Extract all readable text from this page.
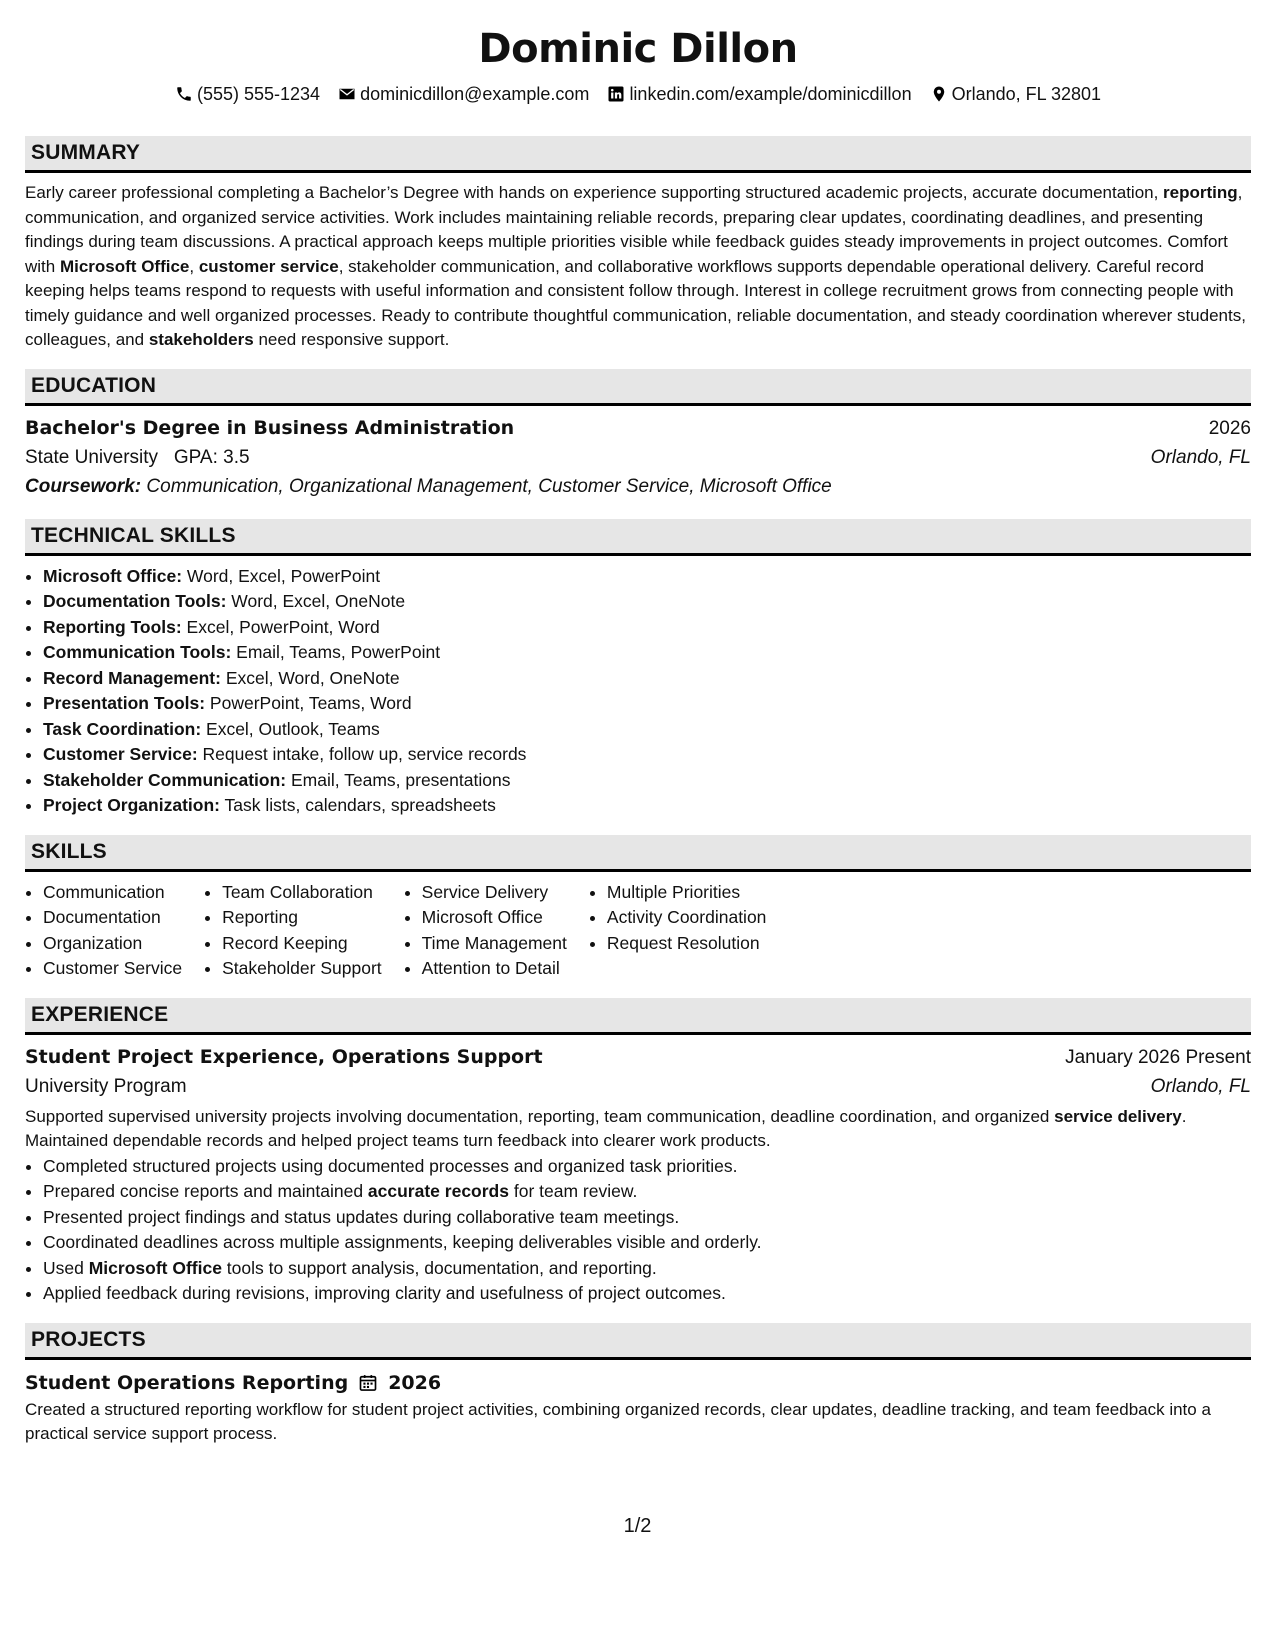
Dominic Dillon
(555) 555-1234 dominicdillon@example.com linkedin.com/example/dominicdillon Orlando, FL 32801
SUMMARY

Early career professional completing a Bachelor’s Degree with hands on experience supporting structured academic projects, accurate documentation, reporting, communication, and organized service activities. Work includes maintaining reliable records, preparing clear updates, coordinating deadlines, and presenting findings during team discussions. A practical approach keeps multiple priorities visible while feedback guides steady improvements in project outcomes. Comfort with Microsoft Office, customer service, stakeholder communication, and collaborative workflows supports dependable operational delivery. Careful record keeping helps teams respond to requests with useful information and consistent follow through. Interest in college recruitment grows from connecting people with timely guidance and well organized processes. Ready to contribute thoughtful communication, reliable documentation, and steady coordination wherever students, colleagues, and stakeholders need responsive support.

EDUCATION
Bachelor's Degree in Business Administration	2026
State University GPA: 3.5	Orlando, FL
Coursework: Communication, Organizational Management, Customer Service, Microsoft Office
TECHNICAL SKILLS
• Microsoft Office: Word, Excel, PowerPoint
• Documentation Tools: Word, Excel, OneNote
• Reporting Tools: Excel, PowerPoint, Word
• Communication Tools: Email, Teams, PowerPoint
• Record Management: Excel, Word, OneNote
• Presentation Tools: PowerPoint, Teams, Word
• Task Coordination: Excel, Outlook, Teams
• Customer Service: Request intake, follow up, service records
• Stakeholder Communication: Email, Teams, presentations
• Project Organization: Task lists, calendars, spreadsheets
SKILLS
• Communication
• Documentation
• Organization
• Customer Service
• Team Collaboration
• Reporting
• Record Keeping
• Stakeholder Support
• Service Delivery
• Microsoft Office
• Time Management
• Attention to Detail
• Multiple Priorities
• Activity Coordination
• Request Resolution
EXPERIENCE
Student Project Experience, Operations Support	January 2026 Present
University Program	Orlando, FL

Supported supervised university projects involving documentation, reporting, team communication, deadline coordination, and organized service delivery. Maintained dependable records and helped project teams turn feedback into clearer work products.

• Completed structured projects using documented processes and organized task priorities.
• Prepared concise reports and maintained accurate records for team review.
• Presented project findings and status updates during collaborative team meetings.
• Coordinated deadlines across multiple assignments, keeping deliverables visible and orderly.
• Used Microsoft Office tools to support analysis, documentation, and reporting.
• Applied feedback during revisions, improving clarity and usefulness of project outcomes.
PROJECTS
Student Operations Reporting 2026

Created a structured reporting workflow for student project activities, combining organized records, clear updates, deadline tracking, and team feedback into a practical service support process.

1/2
